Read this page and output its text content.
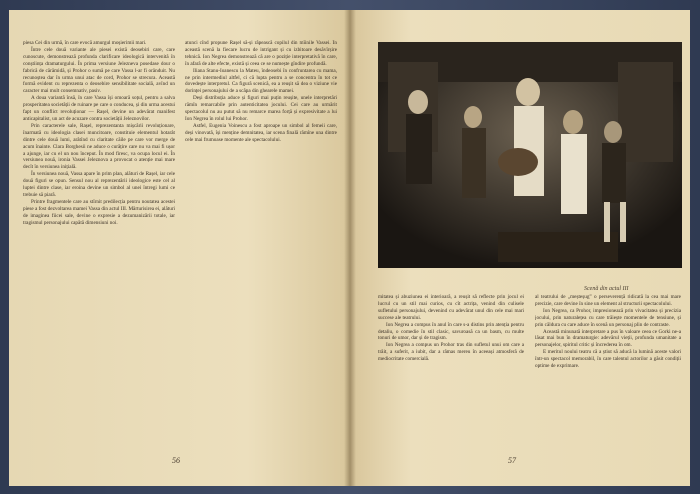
piesa Cei din urmă, în care evocă amurgul moșierimii mari.

Între cele două variante ale piesei există deosebiri care, care cunoscute, demonstrează profunda clarificare ideologică intervenită în conștiința dramaturgului. În prima versiune Jelezneva posedase dour o fabrică de cărămidă, și Prohor o sumă pe care Vassa l-ar fi orânduit. Nu recunoștea dar în urma unui atac de cord, Prohor se strecura. Această formă evident cu reprezenta o deosebire sensibilitate socială, avînd un caracter mai mult consemnativ, pasiv.

A doua variantă însă, în care Vassa își omoară soțul, pentru a salva prosperitatea societății de ruinare pe care o conducea, și din urma acestui fapt un conflict revoluționar — Rașel, devine un adevărat manifest anticapitalist, un act de acuzare contra societății Jeleznovilor.

Prin caracterele sale, Rașel, reprezentanta mișcării revoluționare, înarmată cu ideologia clasei muncitoare, constituie elementul hotarât dintre cele două lumi, arătînd cu claritate căile pe care vor merge de acum înainte. Clara Borghesii ne aduce o curățire care nu va mai fi ușor a ajunge, iar cu el un nou început. În mod firesc, va ocupa locul ei. În versiunea nouă, ironia Vassei Jeleznova a provocat o atenție mai mare decît în versiunea inițială.

În versiunea nouă, Vassa apare în prim plan, alături de Rașel, iar cele două figuri se opun. Sensul nou al reprezentării ideologice este cel al luptei dintre clase, iar eroina devine un simbol al unei întregi lumi ce trebuie să piară.

Printre fragmentele care au stîrnit predilecția pentru noutatea acestei piese a fost dezvoltarea mamei Vassa din actul III. Mărturisirea ei, alături de imaginea fiicei sale, devine o expresie a dezumanizării totale, iar tragismul personajului capătă dimensiuni noi.

atunci cînd propune Rașel să-și răpească copilul din mîinile Vassei. În această scenă la fiecare lucru de intrigant și cu izbitoare desăvîrșire tehnică. Ion Negrea demonstrează că are o poziție interpretativă în care, în afară de alte efecte, există și ceea ce se numește gîndire profundă.

Iliana Stanu-Ioanescu la Mateu, îndeosebi în confruntarea cu mama, ne prin intermediul altfel, ci că lupta pentru a se concentra în tot ce dovedește interpretul. Ca figură scenică, ea a reușit să dea o viziune vie dorinței personajului de a scăpa din ghearele mamei.

Deși distribuția aduce și figuri mai puțin reușite, unele interpretări rămîn remarcabile prin autenticitatea jocului. Cei care au urmărit spectacolul nu au putut să nu remarce marea forță și expresivitate a lui Ion Negrea în rolul lui Prohor.

Astfel, Eugenia Voinescu a fost aproape un simbol al femeii care, deși vinovată, își menține demnitatea, iar scena finală rămîne una dintre cele mai frumoase momente ale spectacolului.

56

mitatea și abuziunea ei interioară, a reușit să reflecte prin jocul ei lucrul cu un stil mai curios, cu cît actrița, venind din culisele sufletului personajului, devenind cu adevărat unul din cele mai mari succese ale teatrului.

Ion Negrea a compus în anul în care s-a distins prin atenția pentru detaliu, o comedie în stil clasic, savuroasă ca un basm, cu multe tonuri de umor, dar și de tragism.

Ion Negrea a compus un Prohor tras din sufletul unui om care a trăit, a suferit, a iubit, dar a rămas mereu în aceeași atmosferă de mediocritate comercială.

al teatrului de „meșteșug” o perseverență ridicată la cea mai mare precizie, care devine în sine un element al structurii spectacolului.

Ion Negrea, ca Prohor, impresionează prin vivacitatea și precizia jocului, prin naturalețea cu care trăiește momentele de tensiune, și prin căldura cu care aduce în scenă un personaj plin de contraste.

Această minunată interpretare a pus în valoare ceea ce Gorki ne-a lăsat mai bun în dramaturgie: adevărul vieții, profunda umanitate a personajelor, spiritul critic și încrederea în om.

E meritul noului teatru că a știut să aducă la lumină aceste valori într-un spectacol memorabil, în care talentul actorilor a găsit condiții optime de exprimare.

57
Scenă din actul III
